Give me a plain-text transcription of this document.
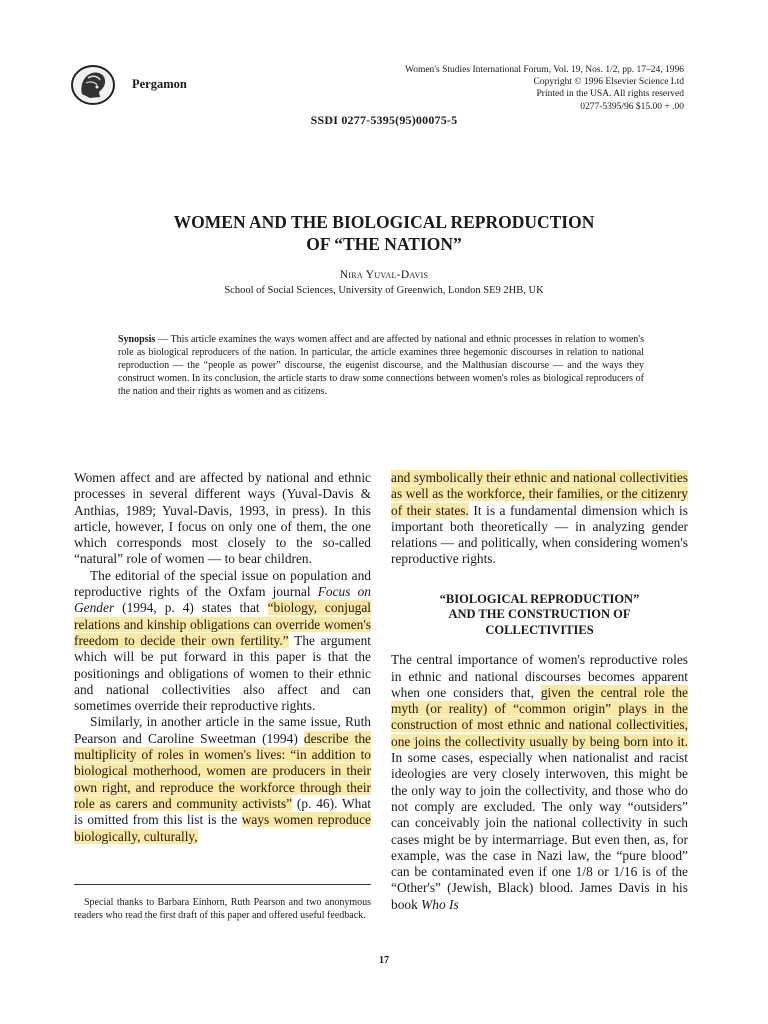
Pergamon
Women's Studies International Forum, Vol. 19, Nos. 1/2, pp. 17–24, 1996
Copyright © 1996 Elsevier Science Ltd
Printed in the USA. All rights reserved
0277-5395/96 $15.00 + .00
SSDI 0277-5395(95)00075-5
WOMEN AND THE BIOLOGICAL REPRODUCTION
OF “THE NATION”
Nira Yuval-Davis
School of Social Sciences, University of Greenwich, London SE9 2HB, UK
Synopsis — This article examines the ways women affect and are affected by national and ethnic processes in relation to women's role as biological reproducers of the nation. In particular, the article examines three hegemonic discourses in relation to national reproduction — the “people as power” discourse, the eugenist discourse, and the Malthusian discourse — and the ways they construct women. In its conclusion, the article starts to draw some connections between women's roles as biological reproducers of the nation and their rights as women and as citizens.

Women affect and are affected by national and ethnic processes in several different ways (Yuval-Davis & Anthias, 1989; Yuval-Davis, 1993, in press). In this article, however, I focus on only one of them, the one which corresponds most closely to the so-called “natural” role of women — to bear children.

The editorial of the special issue on population and reproductive rights of the Oxfam journal Focus on Gender (1994, p. 4) states that “biology, conjugal relations and kinship obligations can override women's freedom to decide their own fertility.” The argument which will be put forward in this paper is that the positionings and obligations of women to their ethnic and national collectivities also affect and can sometimes override their reproductive rights.

Similarly, in another article in the same issue, Ruth Pearson and Caroline Sweetman (1994) describe the multiplicity of roles in women's lives: “in addition to biological motherhood, women are producers in their own right, and reproduce the workforce through their role as carers and community activists” (p. 46). What is omitted from this list is the ways women reproduce biologically, culturally,

Special thanks to Barbara Einhorn, Ruth Pearson and two anonymous readers who read the first draft of this paper and offered useful feedback.

and symbolically their ethnic and national collectivities as well as the workforce, their families, or the citizenry of their states. It is a fundamental dimension which is important both theoretically — in analyzing gender relations — and politically, when considering women's reproductive rights.

“BIOLOGICAL REPRODUCTION”
AND THE CONSTRUCTION OF
COLLECTIVITIES

The central importance of women's reproductive roles in ethnic and national discourses becomes apparent when one considers that, given the central role the myth (or reality) of “common origin” plays in the construction of most ethnic and national collectivities, one joins the collectivity usually by being born into it. In some cases, especially when nationalist and racist ideologies are very closely interwoven, this might be the only way to join the collectivity, and those who do not comply are excluded. The only way “outsiders” can conceivably join the national collectivity in such cases might be by intermarriage. But even then, as, for example, was the case in Nazi law, the “pure blood” can be contaminated even if one 1/8 or 1/16 is of the “Other's” (Jewish, Black) blood. James Davis in his book Who Is

17
